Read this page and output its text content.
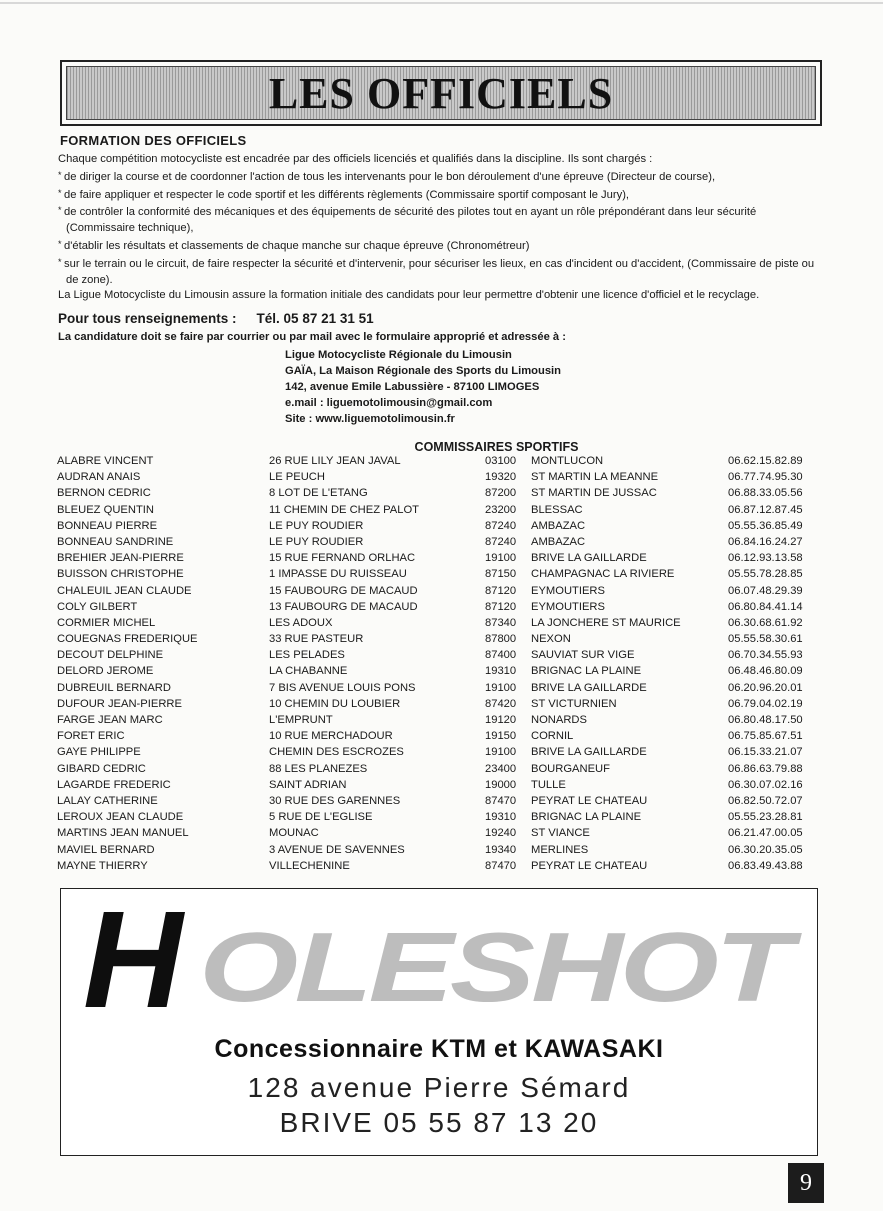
LES OFFICIELS
FORMATION DES OFFICIELS

Chaque compétition motocycliste est encadrée par des officiels licenciés et qualifiés dans la discipline. Ils sont chargés :

* de diriger la course et de coordonner l'action de tous les intervenants pour le bon déroulement d'une épreuve (Directeur de course),

* de faire appliquer et respecter le code sportif et les différents règlements (Commissaire sportif composant le Jury),

* de contrôler la conformité des mécaniques et des équipements de sécurité des pilotes tout en ayant un rôle prépondérant dans leur sécurité (Commissaire technique),

* d'établir les résultats et classements de chaque manche sur chaque épreuve (Chronométreur)

* sur le terrain ou le circuit, de faire respecter la sécurité et d'intervenir, pour sécuriser les lieux, en cas d'incident ou d'accident, (Commissaire de piste ou de zone).

La Ligue Motocycliste du Limousin assure la formation initiale des candidats pour leur permettre d'obtenir une licence d'officiel et le recyclage.

Pour tous renseignements : Tél. 05 87 21 31 51
La candidature doit se faire par courrier ou par mail avec le formulaire approprié et adressée à :
Ligue Motocycliste Régionale du Limousin
GAÏA, La Maison Régionale des Sports du Limousin
142, avenue Emile Labussière - 87100 LIMOGES
e.mail : liguemotolimousin@gmail.com
Site : www.liguemotolimousin.fr
COMMISSAIRES SPORTIFS
ALABRE VINCENT	26 RUE LILY JEAN JAVAL	03100 MONTLUCON	06.62.15.82.89
AUDRAN ANAIS	LE PEUCH	19320 ST MARTIN LA MEANNE	06.77.74.95.30
BERNON CEDRIC	8 LOT DE L'ETANG	87200 ST MARTIN DE JUSSAC	06.88.33.05.56
BLEUEZ QUENTIN	11 CHEMIN DE CHEZ PALOT	23200 BLESSAC	06.87.12.87.45
BONNEAU PIERRE	LE PUY ROUDIER	87240 AMBAZAC	05.55.36.85.49
BONNEAU SANDRINE	LE PUY ROUDIER	87240 AMBAZAC	06.84.16.24.27
BREHIER JEAN-PIERRE	15 RUE FERNAND ORLHAC	19100 BRIVE LA GAILLARDE	06.12.93.13.58
BUISSON CHRISTOPHE	1 IMPASSE DU RUISSEAU	87150 CHAMPAGNAC LA RIVIERE	05.55.78.28.85
CHALEUIL JEAN CLAUDE	15 FAUBOURG DE MACAUD	87120 EYMOUTIERS	06.07.48.29.39
COLY GILBERT	13 FAUBOURG DE MACAUD	87120 EYMOUTIERS	06.80.84.41.14
CORMIER MICHEL	LES ADOUX	87340 LA JONCHERE ST MAURICE	06.30.68.61.92
COUEGNAS FREDERIQUE	33 RUE PASTEUR	87800 NEXON	05.55.58.30.61
DECOUT DELPHINE	LES PELADES	87400 SAUVIAT SUR VIGE	06.70.34.55.93
DELORD JEROME	LA CHABANNE	19310 BRIGNAC LA PLAINE	06.48.46.80.09
DUBREUIL BERNARD	7 BIS AVENUE LOUIS PONS	19100 BRIVE LA GAILLARDE	06.20.96.20.01
DUFOUR JEAN-PIERRE	10 CHEMIN DU LOUBIER	87420 ST VICTURNIEN	06.79.04.02.19
FARGE JEAN MARC	L'EMPRUNT	19120 NONARDS	06.80.48.17.50
FORET ERIC	10 RUE MERCHADOUR	19150 CORNIL	06.75.85.67.51
GAYE PHILIPPE	CHEMIN DES ESCROZES	19100 BRIVE LA GAILLARDE	06.15.33.21.07
GIBARD CEDRIC	88 LES PLANEZES	23400 BOURGANEUF	06.86.63.79.88
LAGARDE FREDERIC	SAINT ADRIAN	19000 TULLE	06.30.07.02.16
LALAY CATHERINE	30 RUE DES GARENNES	87470 PEYRAT LE CHATEAU	06.82.50.72.07
LEROUX JEAN CLAUDE	5 RUE DE L'EGLISE	19310 BRIGNAC LA PLAINE	05.55.23.28.81
MARTINS JEAN MANUEL	MOUNAC	19240 ST VIANCE	06.21.47.00.05
MAVIEL BERNARD	3 AVENUE DE SAVENNES	19340 MERLINES	06.30.20.35.05
MAYNE THIERRY	VILLECHENINE	87470 PEYRAT LE CHATEAU	06.83.49.43.88
H OLESHOT
Concessionnaire KTM et KAWASAKI
128 avenue Pierre Sémard
BRIVE 05 55 87 13 20
9
